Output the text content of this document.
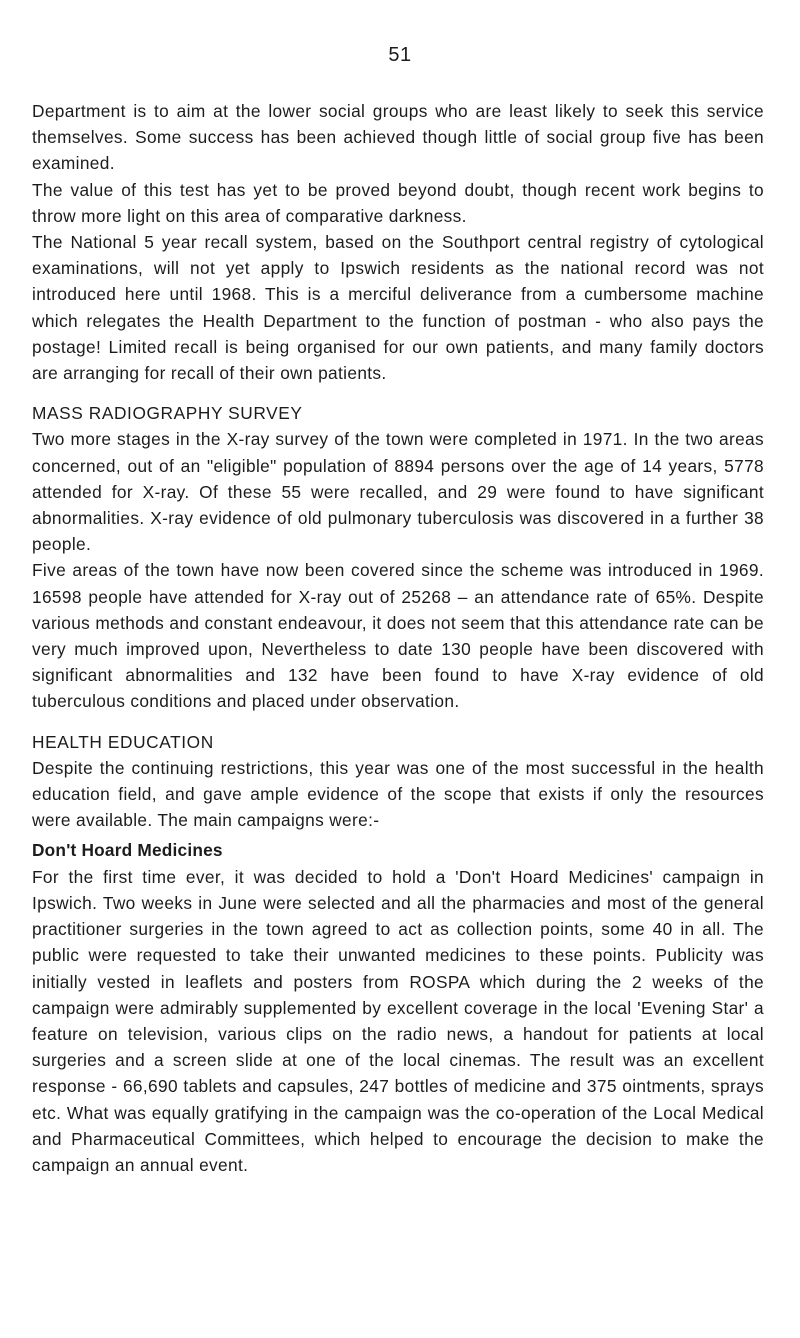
51

Department is to aim at the lower social groups who are least likely to seek this service themselves. Some success has been achieved though little of social group five has been examined.

The value of this test has yet to be proved beyond doubt, though recent work begins to throw more light on this area of comparative darkness.

The National 5 year recall system, based on the Southport central registry of cytological examinations, will not yet apply to Ipswich residents as the national record was not introduced here until 1968. This is a merciful deliverance from a cumbersome machine which relegates the Health Department to the function of postman - who also pays the postage! Limited recall is being organised for our own patients, and many family doctors are arranging for recall of their own patients.

MASS RADIOGRAPHY SURVEY

Two more stages in the X-ray survey of the town were completed in 1971. In the two areas concerned, out of an "eligible" population of 8894 persons over the age of 14 years, 5778 attended for X-ray. Of these 55 were recalled, and 29 were found to have significant abnormalities. X-ray evidence of old pulmonary tuberculosis was discovered in a further 38 people.

Five areas of the town have now been covered since the scheme was introduced in 1969. 16598 people have attended for X-ray out of 25268 – an attendance rate of 65%. Despite various methods and constant endeavour, it does not seem that this attendance rate can be very much improved upon, Nevertheless to date 130 people have been discovered with significant abnormalities and 132 have been found to have X-ray evidence of old tuberculous conditions and placed under observation.

HEALTH EDUCATION

Despite the continuing restrictions, this year was one of the most successful in the health education field, and gave ample evidence of the scope that exists if only the resources were available. The main campaigns were:-

Don't Hoard Medicines

For the first time ever, it was decided to hold a 'Don't Hoard Medicines' campaign in Ipswich. Two weeks in June were selected and all the pharmacies and most of the general practitioner surgeries in the town agreed to act as collection points, some 40 in all. The public were requested to take their unwanted medicines to these points. Publicity was initially vested in leaflets and posters from ROSPA which during the 2 weeks of the campaign were admirably supplemented by excellent coverage in the local 'Evening Star' a feature on television, various clips on the radio news, a handout for patients at local surgeries and a screen slide at one of the local cinemas. The result was an excellent response - 66,690 tablets and capsules, 247 bottles of medicine and 375 ointments, sprays etc. What was equally gratifying in the campaign was the co-operation of the Local Medical and Pharmaceutical Committees, which helped to encourage the decision to make the campaign an annual event.
